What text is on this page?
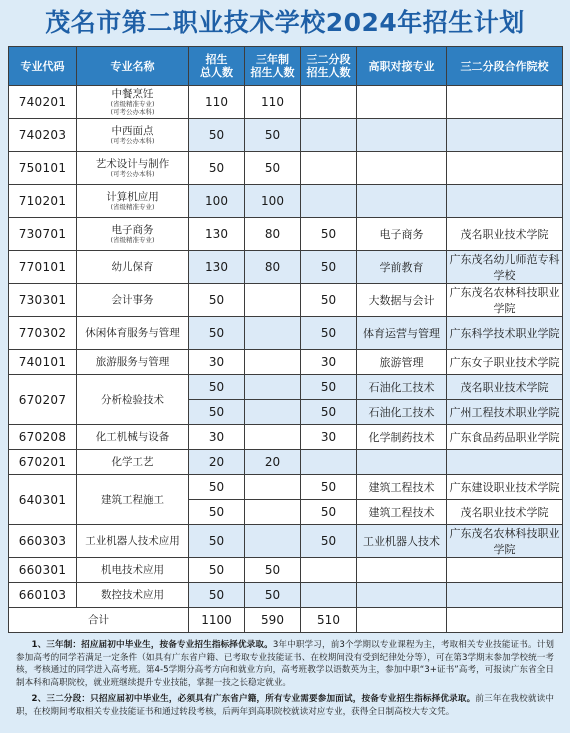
茂名市第二职业技术学校2024年招生计划
专业代码	专业名称	招生
总人数	三年制
招生人数	三二分段
招生人数	高职对接专业	三二分段合作院校
740201	中餐烹饪
(省级精准专业)
(可考公办本科)	110	110			
740203	中西面点
(可考公办本科)	50	50			
750101	艺术设计与制作
(可考公办本科)	50	50			
710201	计算机应用
(省级精准专业)	100	100			
730701	电子商务
(省级精准专业)	130	80	50	电子商务	茂名职业技术学院
770101	幼儿保育	130	80	50	学前教育	广东茂名幼儿师范专科学校
730301	会计事务	50		50	大数据与会计	广东茂名农林科技职业学院
770302	休闲体育服务与管理	50		50	体育运营与管理	广东科学技术职业学院
740101	旅游服务与管理	30		30	旅游管理	广东女子职业技术学院
670207	分析检验技术	50		50	石油化工技术	茂名职业技术学院
		50		50	石油化工技术	广州工程技术职业学院
670208	化工机械与设备	30		30	化学制药技术	广东食品药品职业学院
670201	化学工艺	20	20			
640301	建筑工程施工	50		50	建筑工程技术	广东建设职业技术学院
		50		50	建筑工程技术	茂名职业技术学院
660303	工业机器人技术应用	50		50	工业机器人技术	广东茂名农林科技职业学院
660301	机电技术应用	50	50			
660103	数控技术应用	50	50			
合计		1100	590	510		

1、三年制：招应届初中毕业生，按备专业招生指标择优录取。3年中职学习，前3个学期以专业课程为主，考取相关专业技能证书。计划参加高考的同学若满足一定条件（如具有广东省户籍、已考取专业技能证书、在校期间没有受到纪律处分等），可在第3学期末参加学校统一考核，考核通过的同学进入高考班。第4-5学期分高考方向和就业方向，高考班教学以语数英为主，参加中职“3+证书”高考，可报读广东省全日制本科和高职院校，就业班继续提升专业技能，掌握一技之长稳定就业。

2、三二分段：只招应届初中毕业生，必须具有广东省户籍，所有专业需要参加面试，按备专业招生指标择优录取。前三年在我校就读中职，在校期间考取相关专业技能证书和通过转段考核，后两年到高职院校就读对应专业，获得全日制高校大专文凭。
